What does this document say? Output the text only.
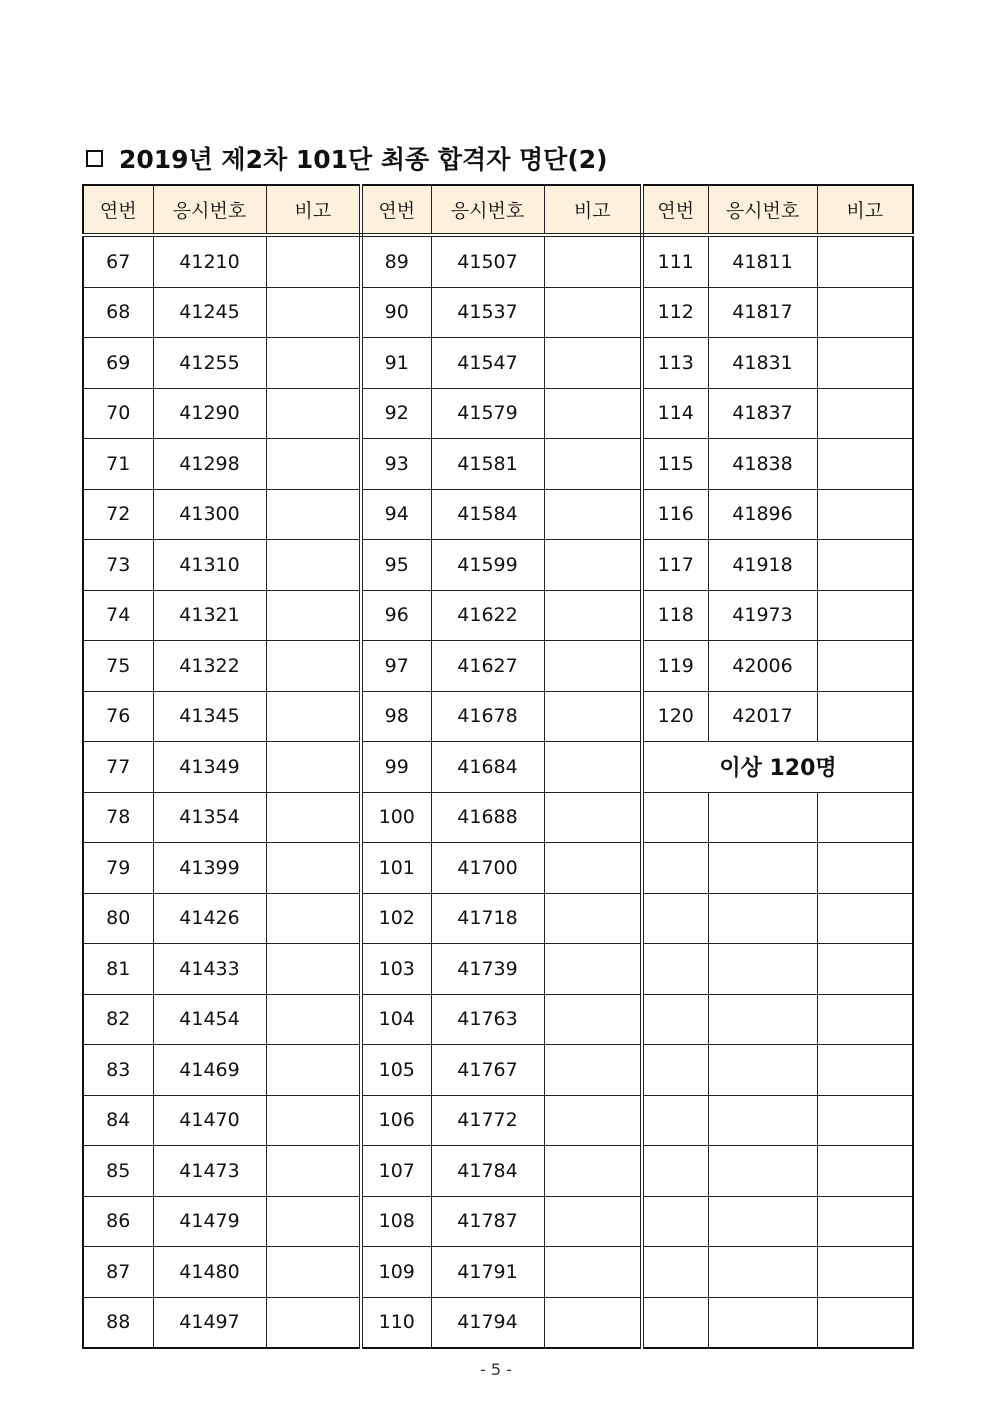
2019년 제2차 101단 최종 합격자 명단(2)
연번	응시번호	비고	연번	응시번호	비고	연번	응시번호	비고
67	41210		89	41507		111	41811	
68	41245		90	41537		112	41817	
69	41255		91	41547		113	41831	
70	41290		92	41579		114	41837	
71	41298		93	41581		115	41838	
72	41300		94	41584		116	41896	
73	41310		95	41599		117	41918	
74	41321		96	41622		118	41973	
75	41322		97	41627		119	42006	
76	41345		98	41678		120	42017	
77	41349		99	41684		이상 120명		
78	41354		100	41688				
79	41399		101	41700				
80	41426		102	41718				
81	41433		103	41739				
82	41454		104	41763				
83	41469		105	41767				
84	41470		106	41772				
85	41473		107	41784				
86	41479		108	41787				
87	41480		109	41791				
88	41497		110	41794				
- 5 -
